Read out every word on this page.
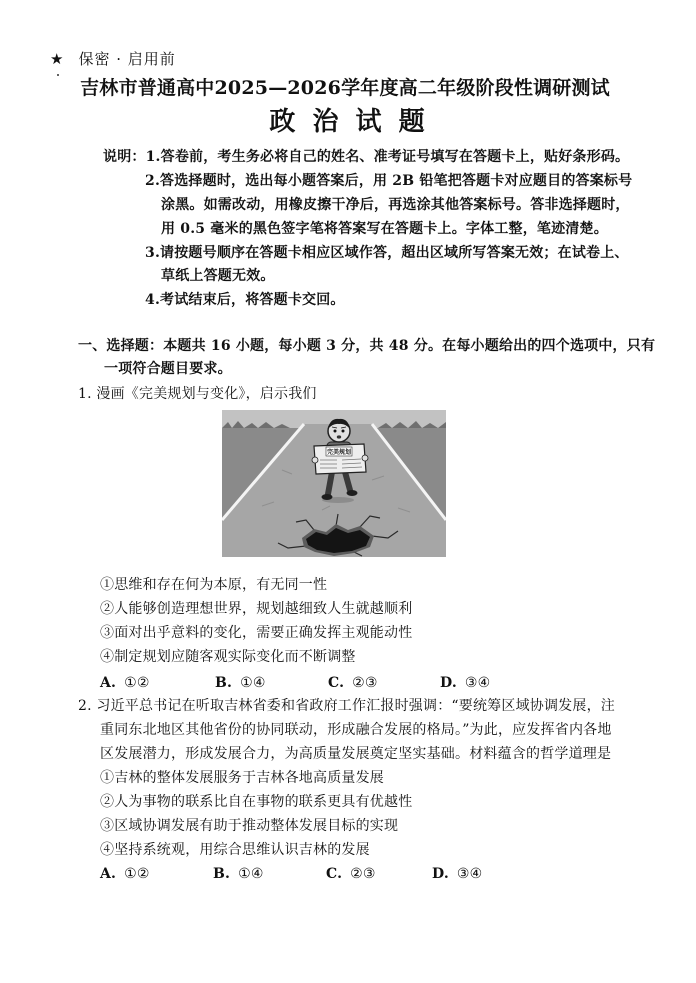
★ 保密 · 启用前
吉林市普通高中2025—2026学年度高二年级阶段性调研测试
政 治 试 题
说明：1.答卷前，考生务必将自己的姓名、准考证号填写在答题卡上，贴好条形码。
2.答选择题时，选出每小题答案后，用 2B 铅笔把答题卡对应题目的答案标号
涂黑。如需改动，用橡皮擦干净后，再选涂其他答案标号。答非选择题时，
用 0.5 毫米的黑色签字笔将答案写在答题卡上。字体工整，笔迹清楚。
3.请按题号顺序在答题卡相应区域作答，超出区域所写答案无效；在试卷上、
草纸上答题无效。
4.考试结束后，将答题卡交回。
一、选择题：本题共 16 小题，每小题 3 分，共 48 分。在每小题给出的四个选项中，只有
一项符合题目要求。
1. 漫画《完美规划与变化》，启示我们
完美规划
①思维和存在何为本原，有无同一性
②人能够创造理想世界，规划越细致人生就越顺利
③面对出乎意料的变化，需要正确发挥主观能动性
④制定规划应随客观实际变化而不断调整
A. ①②	B. ①④	C. ②③	D. ③④
2. 习近平总书记在听取吉林省委和省政府工作汇报时强调：“要统筹区域协调发展，注
重同东北地区其他省份的协同联动，形成融合发展的格局。”为此，应发挥省内各地
区发展潜力，形成发展合力，为高质量发展奠定坚实基础。材料蕴含的哲学道理是
①吉林的整体发展服务于吉林各地高质量发展
②人为事物的联系比自在事物的联系更具有优越性
③区域协调发展有助于推动整体发展目标的实现
④坚持系统观，用综合思维认识吉林的发展
A. ①②	B. ①④	C. ②③	D. ③④
